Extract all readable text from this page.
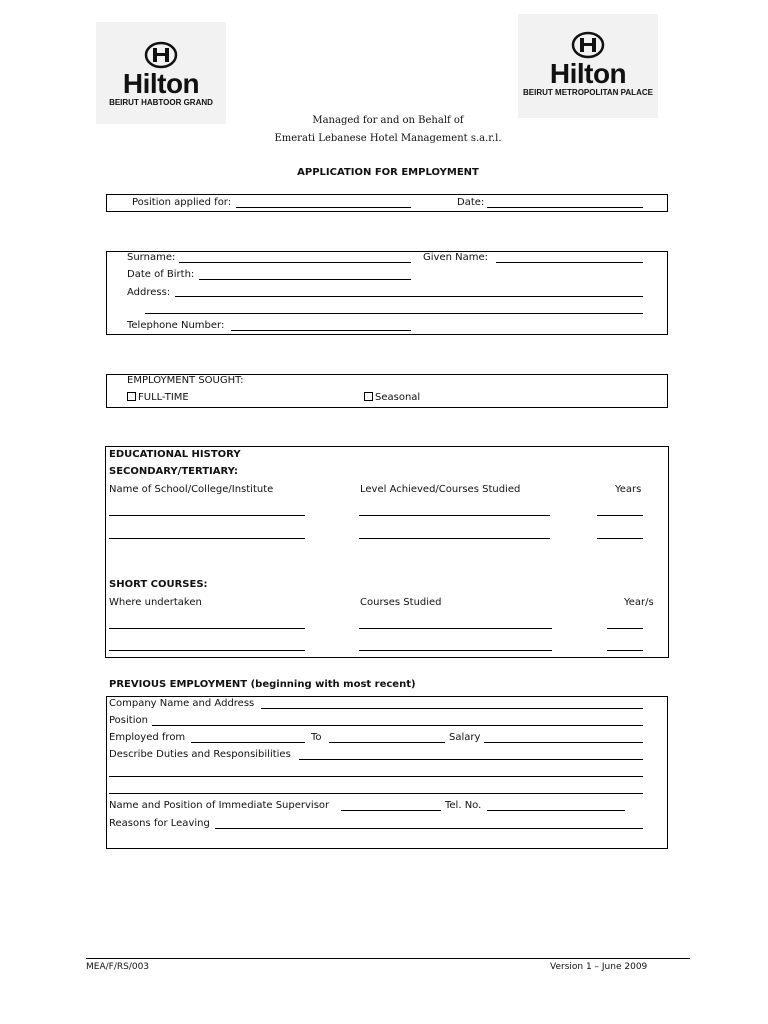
Hilton
BEIRUT HABTOOR GRAND
Hilton
BEIRUT METROPOLITAN PALACE
Managed for and on Behalf of
Emerati Lebanese Hotel Management s.a.r.l.
APPLICATION FOR EMPLOYMENT
Position applied for:	Date:
Surname:	Given Name:
Date of Birth:
Address:
Telephone Number:
EMPLOYMENT SOUGHT:
FULL-TIME	Seasonal
EDUCATIONAL HISTORY
SECONDARY/TERTIARY:
Name of School/College/Institute	Level Achieved/Courses Studied	Years
SHORT COURSES:
Where undertaken	Courses Studied	Year/s
PREVIOUS EMPLOYMENT (beginning with most recent)
Company Name and Address
Position
Employed from	To	Salary
Describe Duties and Responsibilities
Name and Position of Immediate Supervisor	Tel. No.
Reasons for Leaving
MEA/F/RS/003	Version 1 – June 2009
